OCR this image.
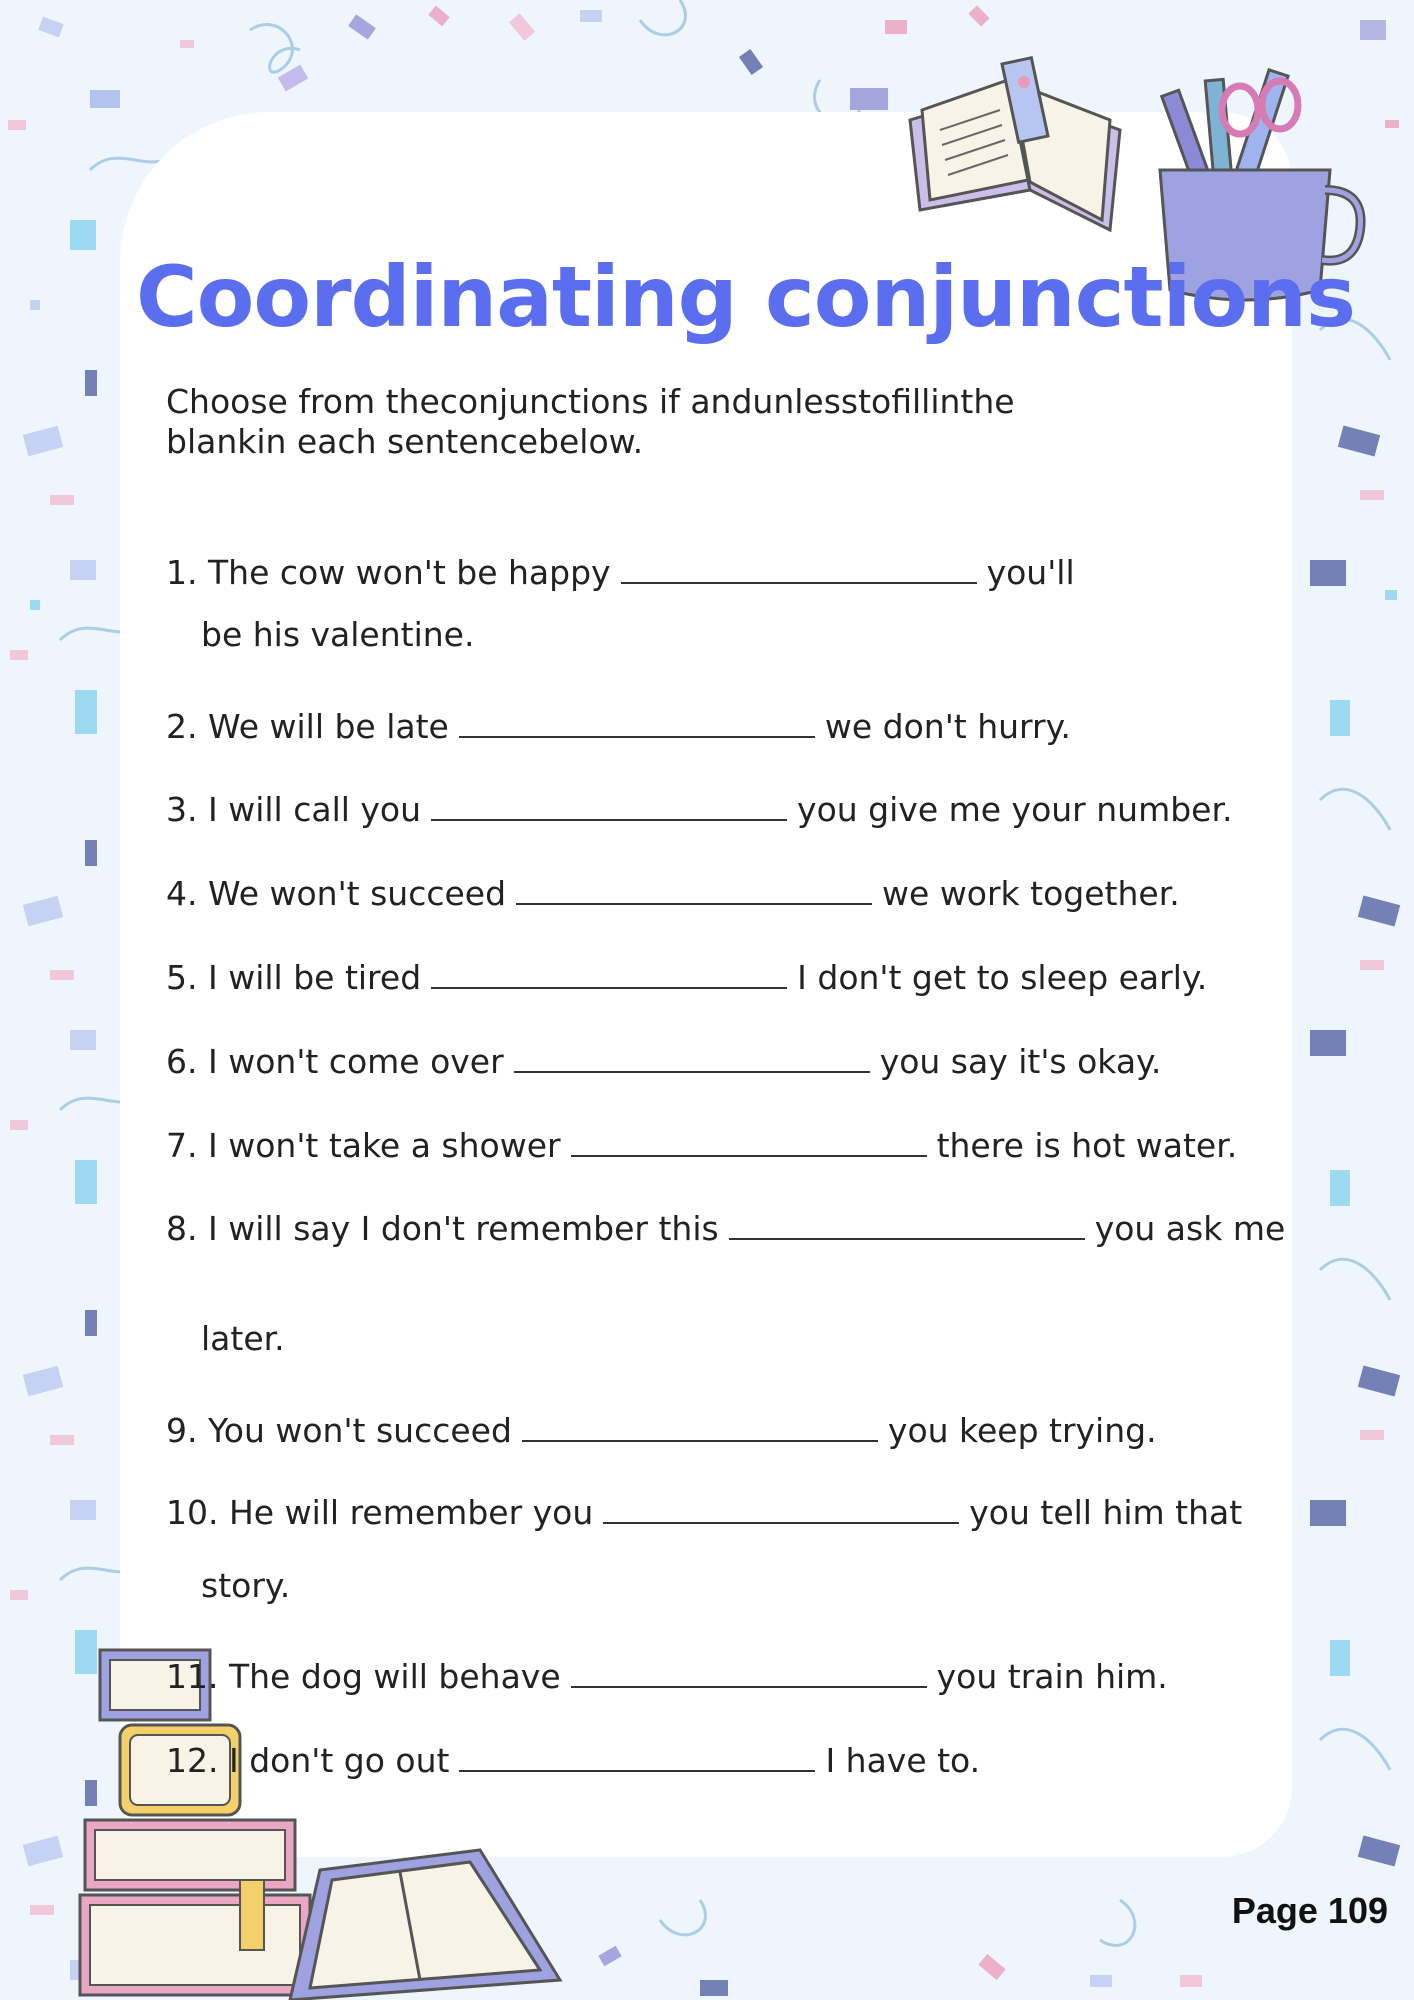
Coordinating conjunctions

Choose from theconjunctions if andunlesstofillinthe blankin each sentencebelow.

1. The cow won't be happy	you'll
be his valentine.
2. We will be late	we don't hurry.
3. I will call you	you give me your number.
4. We won't succeed	we work together.
5. I will be tired	I don't get to sleep early.
6. I won't come over	you say it's okay.
7. I won't take a shower	there is hot water.
8. I will say I don't remember this	you ask me
later.
9. You won't succeed	you keep trying.
10. He will remember you	you tell him that
story.
11. The dog will behave	you train him.
12. I don't go out	I have to.
Page 109
